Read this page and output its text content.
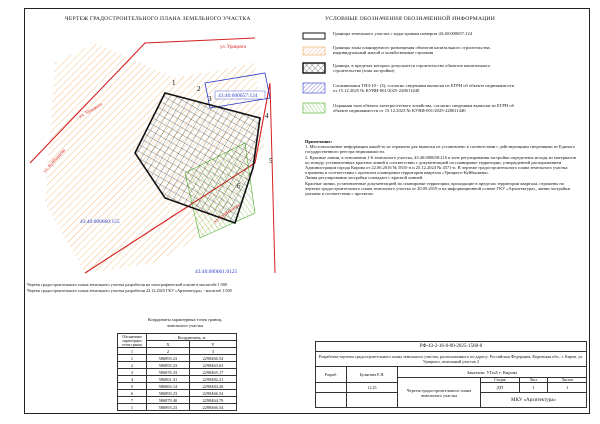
ЧЕРТЕЖ ГРАДОСТРОИТЕЛЬНОГО ПЛАНА ЗЕМЕЛЬНОГО УЧАСТКА
43:40:000657:124
43:40:000660:155
43:40:000661:0125
ул. Урицкого
ул. Куйбышева
ул. Урицкого
ул. Куйбышева
1
2
3
4
5
6
Чертеж градостроительного плана земельного участка разработан на топографической основе в масштабе 1:500
Чертеж градостроительного плана земельного участка разработан 22.12.2025 ГКУ «Архитектура» - масштаб 1:500
УСЛОВНЫЕ ОБОЗНАЧЕНИЯ ОБОЗНАЧЕННОЙ ИНФОРМАЦИИ
Границы земельного участка с кадастровым номером 43:40:000657:124
Границы зоны планируемого размещения объектов капитального строительства, индивидуальный жилой и хозяйственные строения
Граница, в пределах которых допускается строительство объектов капитального строительства (зона застройки)
Сложившаяся ТНЗ-10 - (З), согласно сведениям выписки из ЕГРН об объекте недвижимости от 15.12.2025 № КУВИ-001/2025-228611440
Охранная зона объекта электросетевого хозяйства, согласно сведениям выписки из ЕГРН об объекте недвижимости от 15.12.2025 № КУВИ-001/2025-228611440

Примечание:

1. Местоположение информации какой-то из отражена для выписки из установлено в соответствии с действующими сведениями из Единого государственного реестра недвижимости.

2. Красные линии, в отношении 1-6 земельного участка, 43:40:000658:216 в зоне регулирования застройки определены исходя из материалов по поводу установленных красных линий в соответствии с документацией по планировке территории, утвержденной распоряжением Администрации города Кирова от 22.06.2016 № 5835-п и 25.12.2024 № 4571-п. В чертеже градостроительного плана земельного участка отражены в соответствии с проектом планировки территории квартала «Урицкого-Куйбышева».

Линия регулирования застройки совпадает с красной линией.

Красные линии, установленные документацией по планировке территории, проходящие в пределах территории квартала, отражены на чертеже градостроительного плана земельного участка от 20.09.2019 и на информационной основе ГКУ «Архитектура», линии застройки указаны в соответствии с проектом.

Координаты характерных точек границ,
земельного участка
Обозначение характерных точек границ	Координаты, м	
	X	Y
1	2	3
1	586893.23	2298466.54
2	586893.23	2298463.63
3	586876.33	2298465.17
4	586861.41	2298482.21
5	586863.14	2298484.26
6	586893.23	2298466.54
7	586879.40	2298464.79
1	586893.23	2298466.54
РФ-43-2-16-0-00-2025-1560-0					
Разработка чертежа градостроительного плана земельного участка, расположенного по адресу: Российская Федерация, Кировская обл., г. Киров, ул. Урицкого, земельный участок 2					
Разраб.	Булыгина Е.Н.	Заказчик: УГиА г. Кирова			
		Чертеж градостроительного плана земельного участка	Стадия	Лист	Листов
	12.25		ДП	1	1
			МКУ «Архитектура»		
